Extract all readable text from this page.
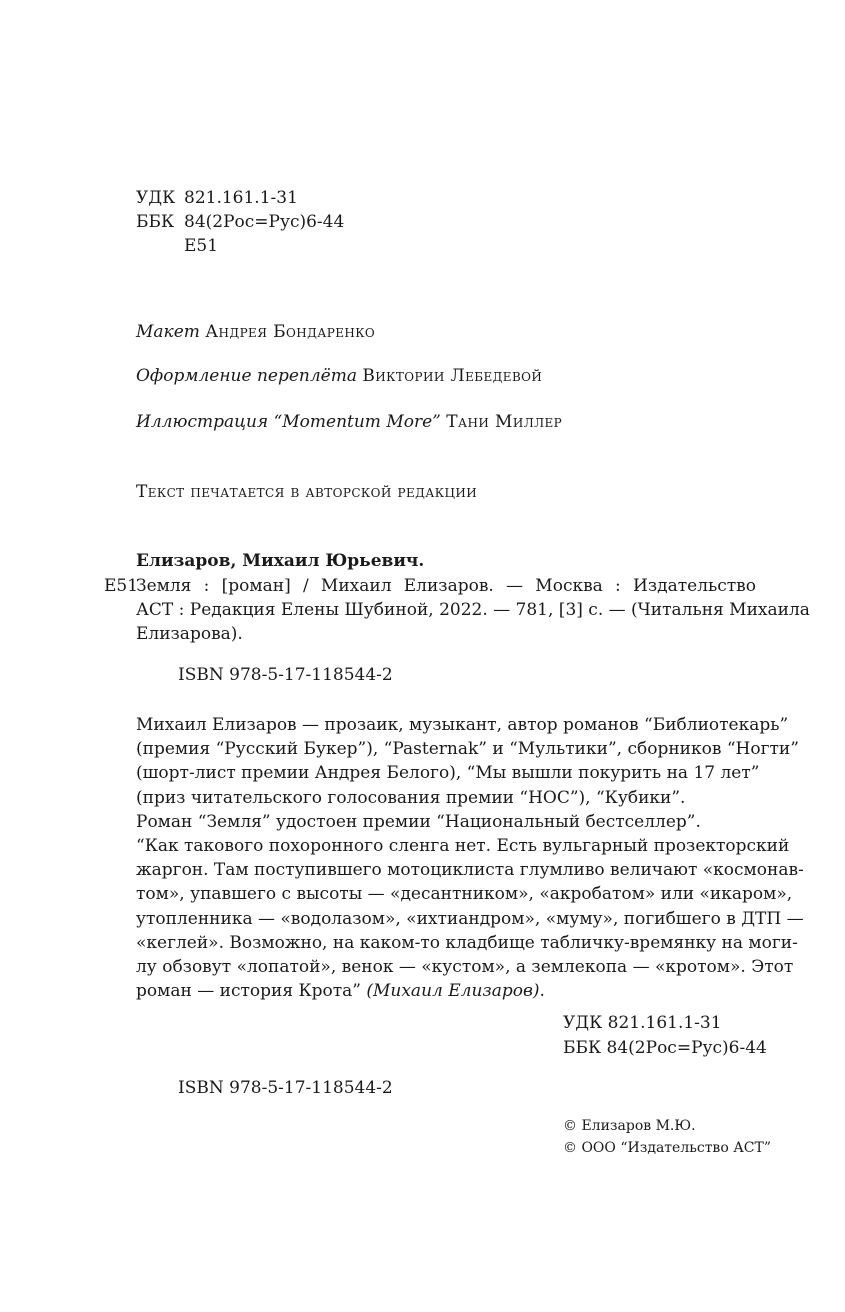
УДК 821.161.1-31
ББК 84(2Рос=Рус)6-44
Е51
Макет Андрея Бондаренко
Оформление переплёта Виктории Лебедевой
Иллюстрация “Momentum More” Тани Миллер
Текст печатается в авторской редакции
Елизаров, Михаил Юрьевич.
Е51
Земля : [роман] / Михаил Елизаров. — Москва : Издательство
АСТ : Редакция Елены Шубиной, 2022. — 781, [3] с. — (Читальня Михаила
Елизарова).
ISBN 978-5-17-118544-2
Михаил Елизаров — прозаик, музыкант, автор романов “Библиотекарь”
(премия “Русский Букер”), “Pasternak” и “Мультики”, сборников “Ногти”
(шорт-лист премии Андрея Белого), “Мы вышли покурить на 17 лет”
(приз читательского голосования премии “НОС”), “Кубики”.
Роман “Земля” удостоен премии “Национальный бестселлер”.
“Как такового похоронного сленга нет. Есть вульгарный прозекторский
жаргон. Там поступившего мотоциклиста глумливо величают «космонав-
том», упавшего с высоты — «десантником», «акробатом» или «икаром»,
утопленника — «водолазом», «ихтиандром», «муму», погибшего в ДТП —
«кеглей». Возможно, на каком-то кладбище табличку-времянку на моги-
лу обзовут «лопатой», венок — «кустом», а землекопа — «кротом». Этот
роман — история Крота” (Михаил Елизаров).
УДК 821.161.1-31
ББК 84(2Рос=Рус)6-44
ISBN 978-5-17-118544-2
© Елизаров М.Ю.
© ООО “Издательство АСТ”
